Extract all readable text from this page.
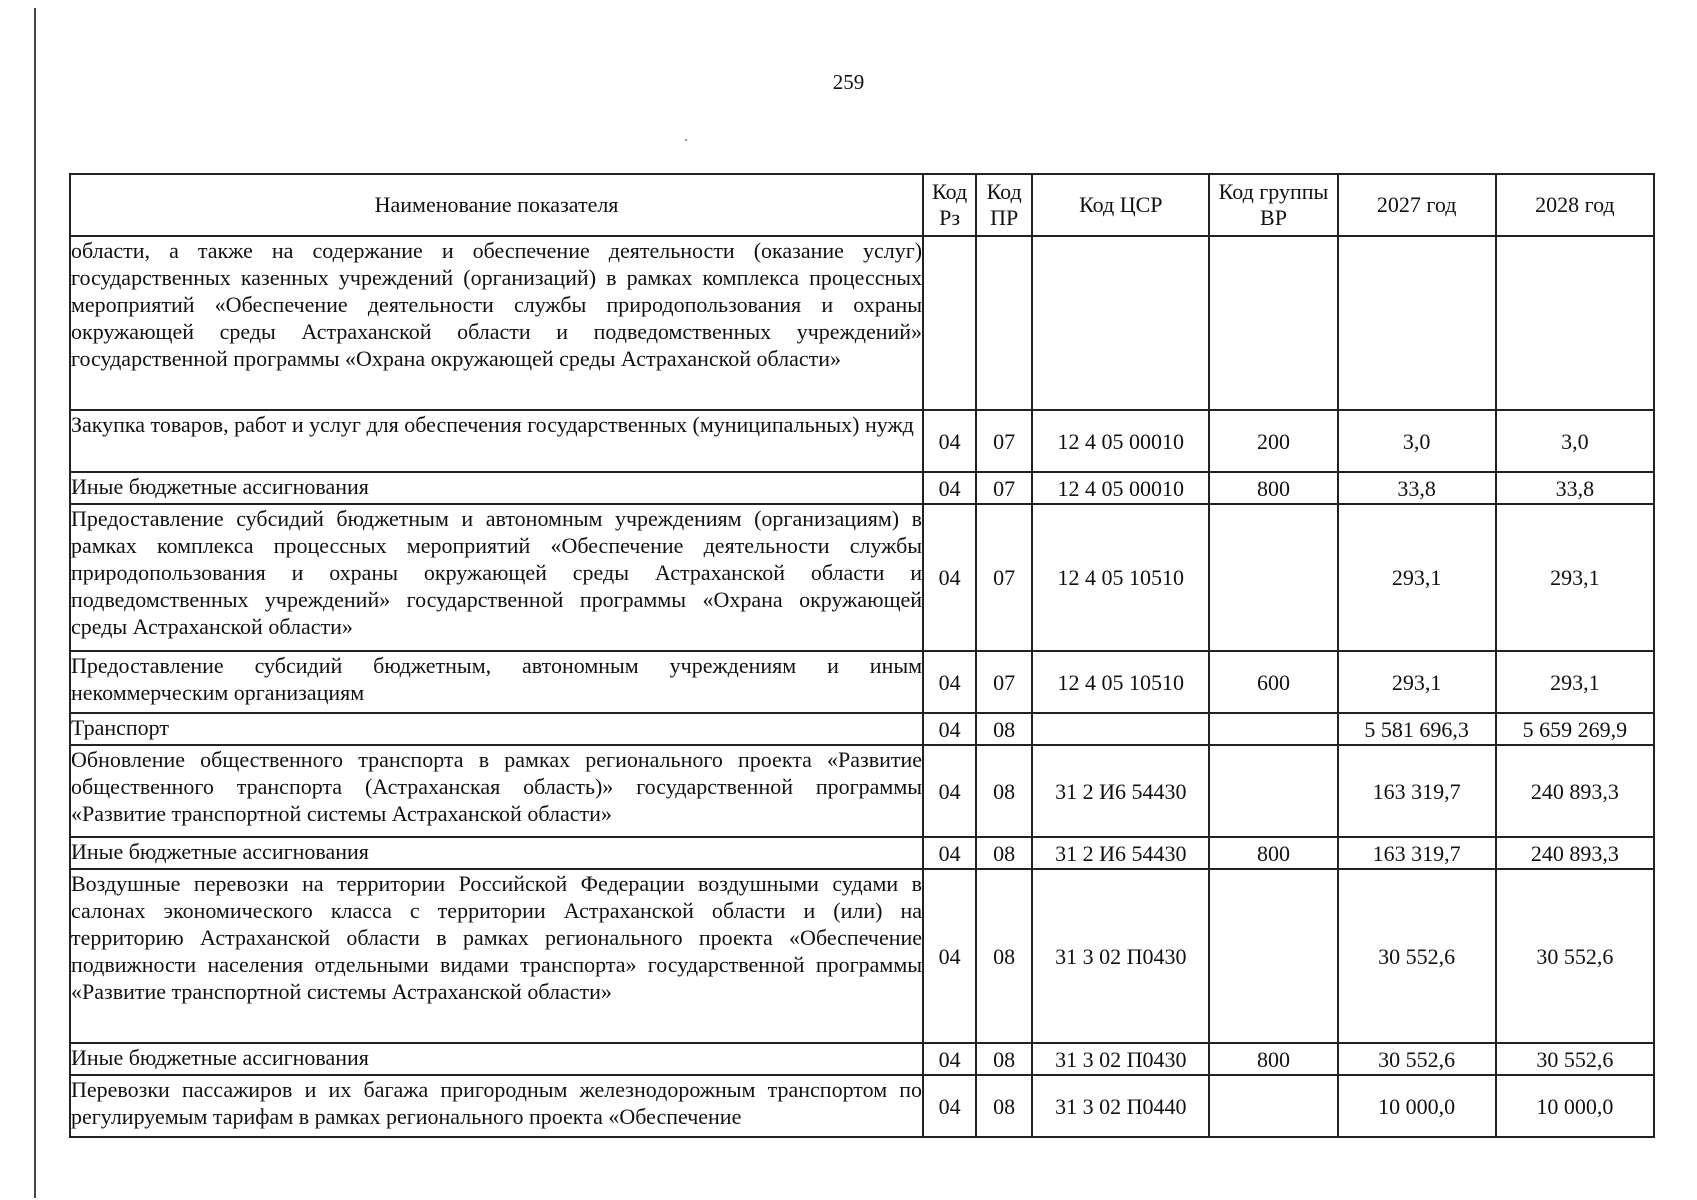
259
Наименование показателя	Код Рз	Код ПР	Код ЦСР	Код группы ВР	2027 год	2028 год
области, а также на содержание и обеспечение деятельности (оказание услуг) государственных казенных учреждений (организаций) в рамках комплекса процессных мероприятий «Обеспечение деятельности службы природопользования и охраны окружающей среды Астраханской области и подведомственных учреждений» государственной программы «Охрана окружающей среды Астраханской области»						
Закупка товаров, работ и услуг для обеспечения государственных (муниципальных) нужд	04	07	12 4 05 00010	200	3,0	3,0
Иные бюджетные ассигнования	04	07	12 4 05 00010	800	33,8	33,8
Предоставление субсидий бюджетным и автономным учреждениям (организациям) в рамках комплекса процессных мероприятий «Обеспечение деятельности службы природопользования и охраны окружающей среды Астраханской области и подведомственных учреждений» государственной программы «Охрана окружающей среды Астраханской области»	04	07	12 4 05 10510		293,1	293,1
Предоставление субсидий бюджетным, автономным учреждениям и иным некоммерческим организациям	04	07	12 4 05 10510	600	293,1	293,1
Транспорт	04	08			5 581 696,3	5 659 269,9
Обновление общественного транспорта в рамках регионального проекта «Развитие общественного транспорта (Астраханская область)» государственной программы «Развитие транспортной системы Астраханской области»	04	08	31 2 И6 54430		163 319,7	240 893,3
Иные бюджетные ассигнования	04	08	31 2 И6 54430	800	163 319,7	240 893,3
Воздушные перевозки на территории Российской Федерации воздушными судами в салонах экономического класса с территории Астраханской области и (или) на территорию Астраханской области в рамках регионального проекта «Обеспечение подвижности населения отдельными видами транспорта» государственной программы «Развитие транспортной системы Астраханской области»	04	08	31 3 02 П0430		30 552,6	30 552,6
Иные бюджетные ассигнования	04	08	31 3 02 П0430	800	30 552,6	30 552,6
Перевозки пассажиров и их багажа пригородным железнодорожным транспортом по регулируемым тарифам в рамках регионального проекта «Обеспечение	04	08	31 3 02 П0440		10 000,0	10 000,0
